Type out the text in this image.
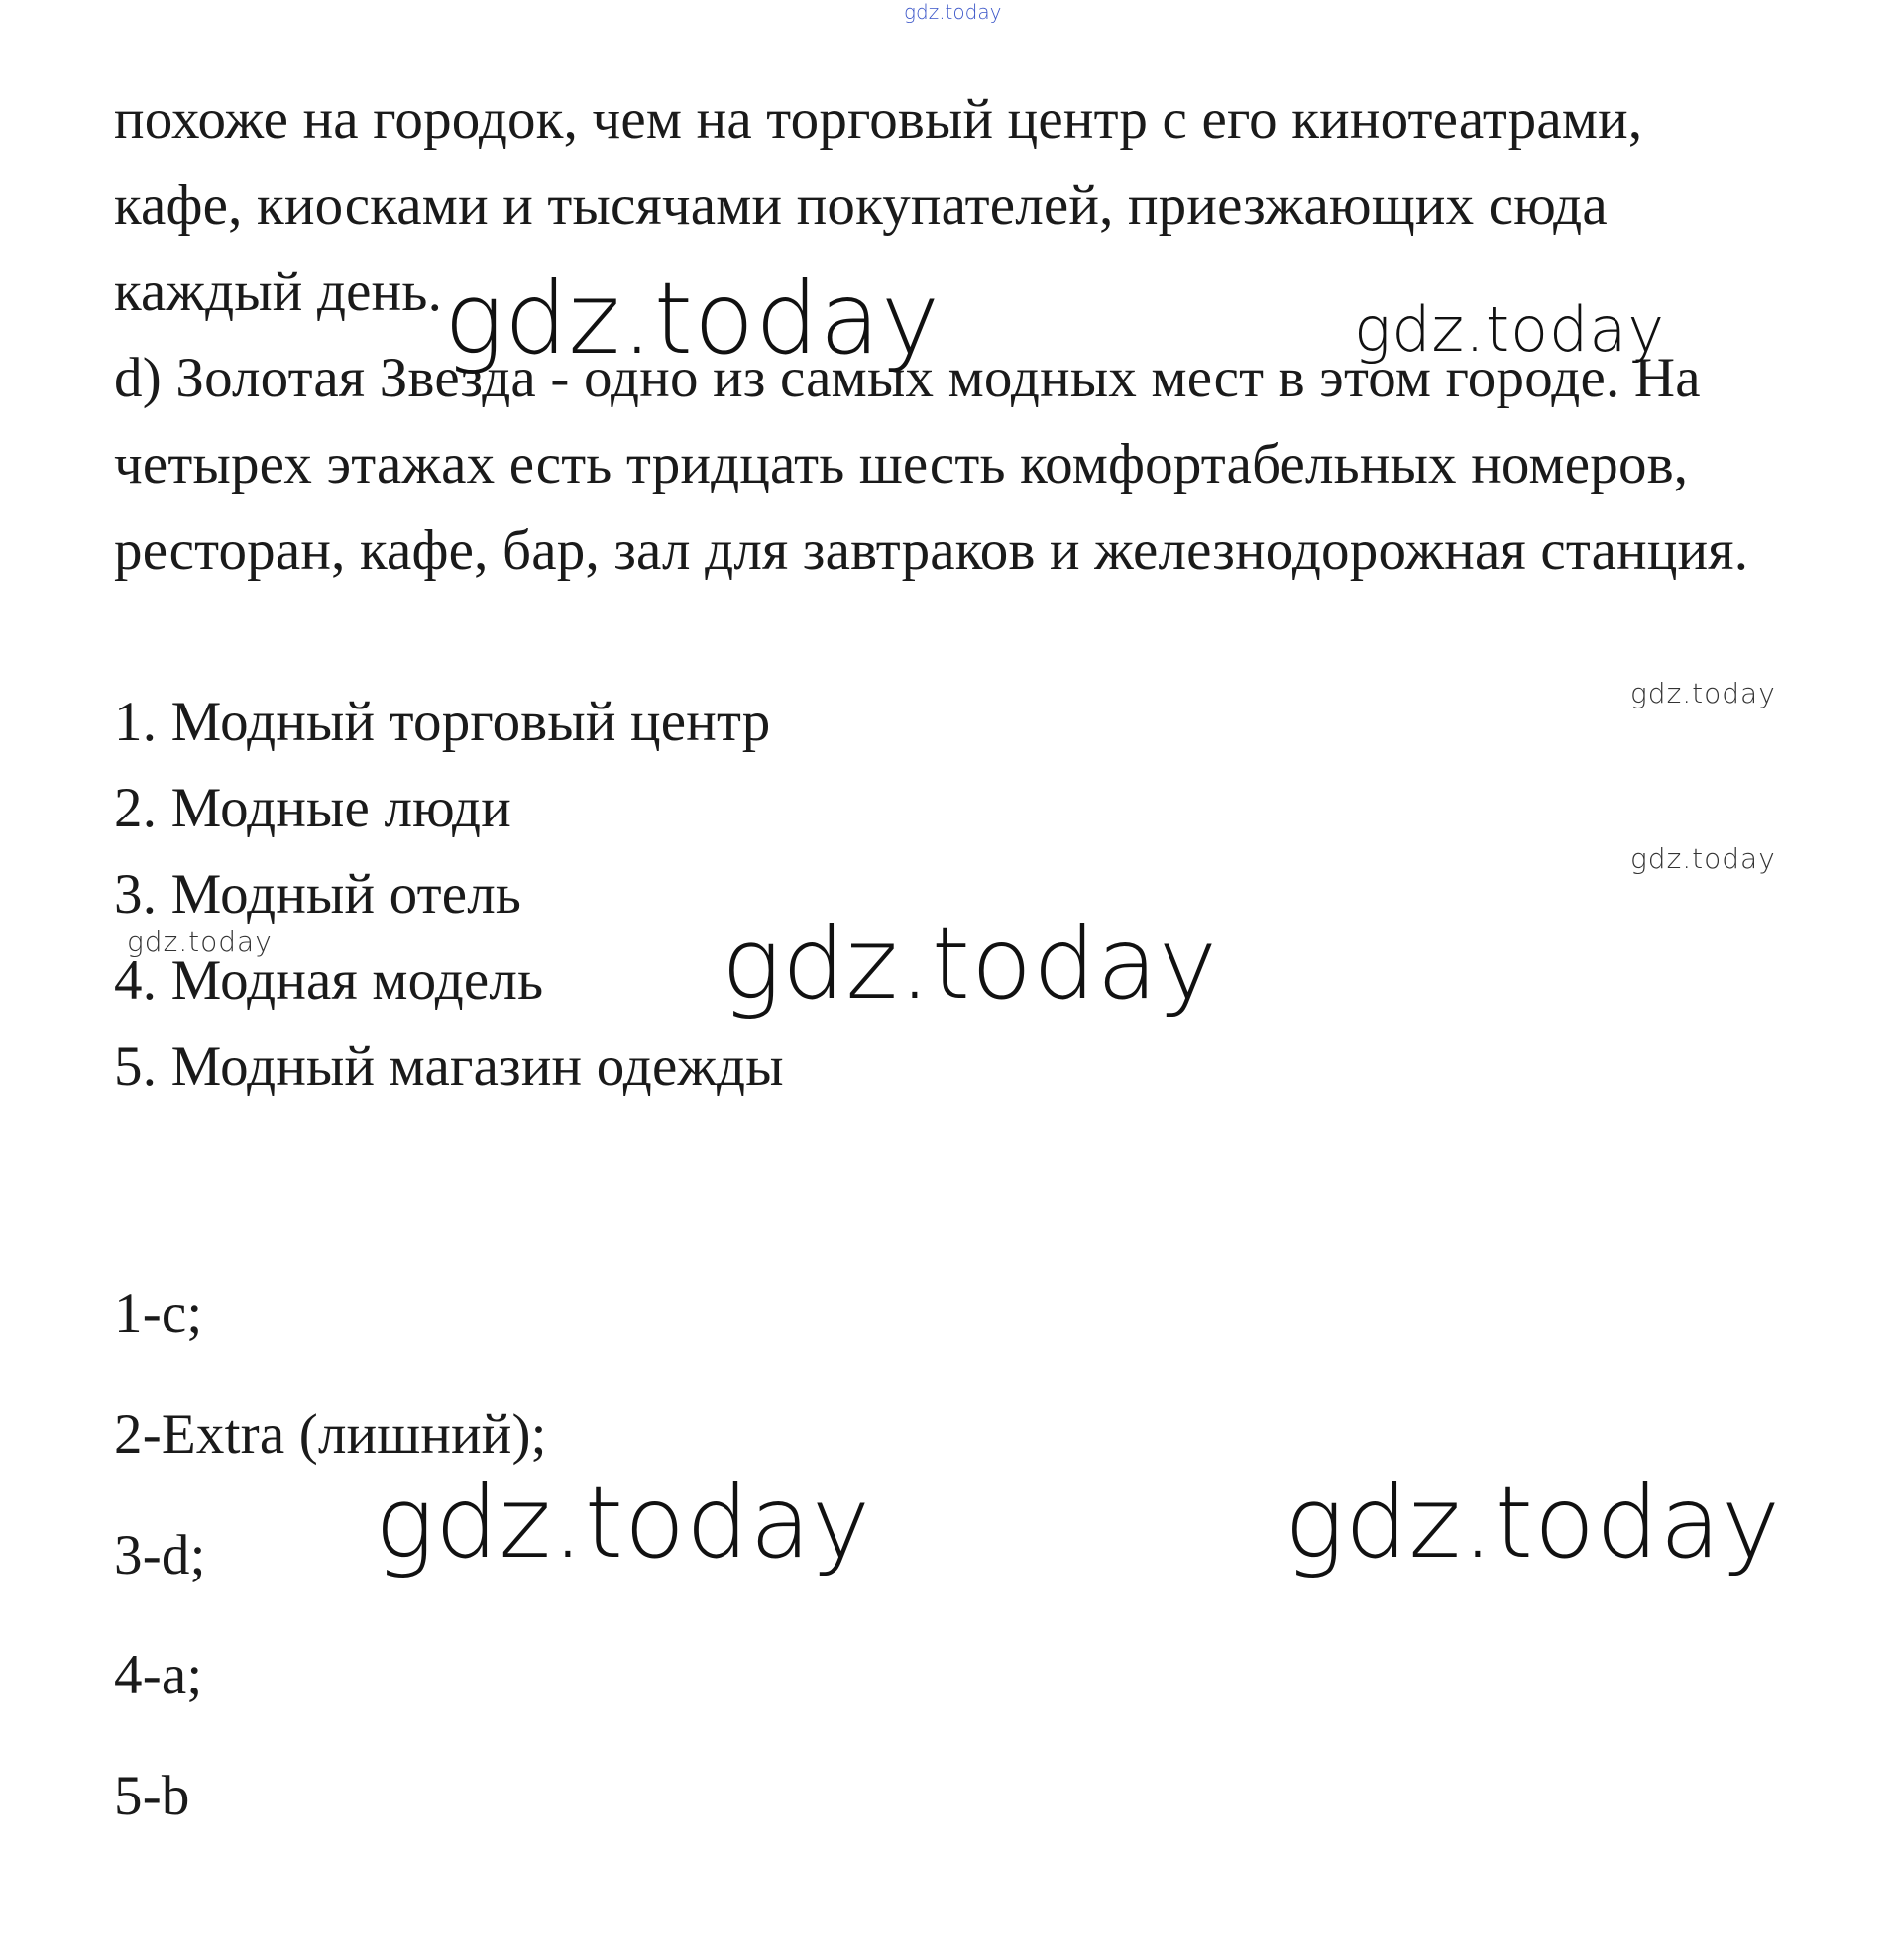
gdz.today
похоже на городок, чем на торговый центр с его кинотеатрами,
кафе, киосками и тысячами покупателей, приезжающих сюда
каждый день.
d) Золотая Звезда - одно из самых модных мест в этом городе. На
четырех этажах есть тридцать шесть комфортабельных номеров,
ресторан, кафе, бар, зал для завтраков и железнодорожная станция.
1. Модный торговый центр
2. Модные люди
3. Модный отель
4. Модная модель
5. Модный магазин одежды
1-c;
2-Extra (лишний);
3-d;
4-a;
5-b
gdz.today	gdz.today
gdz.today
gdz.today
gdz.today	gdz.today
gdz.today	gdz.today
